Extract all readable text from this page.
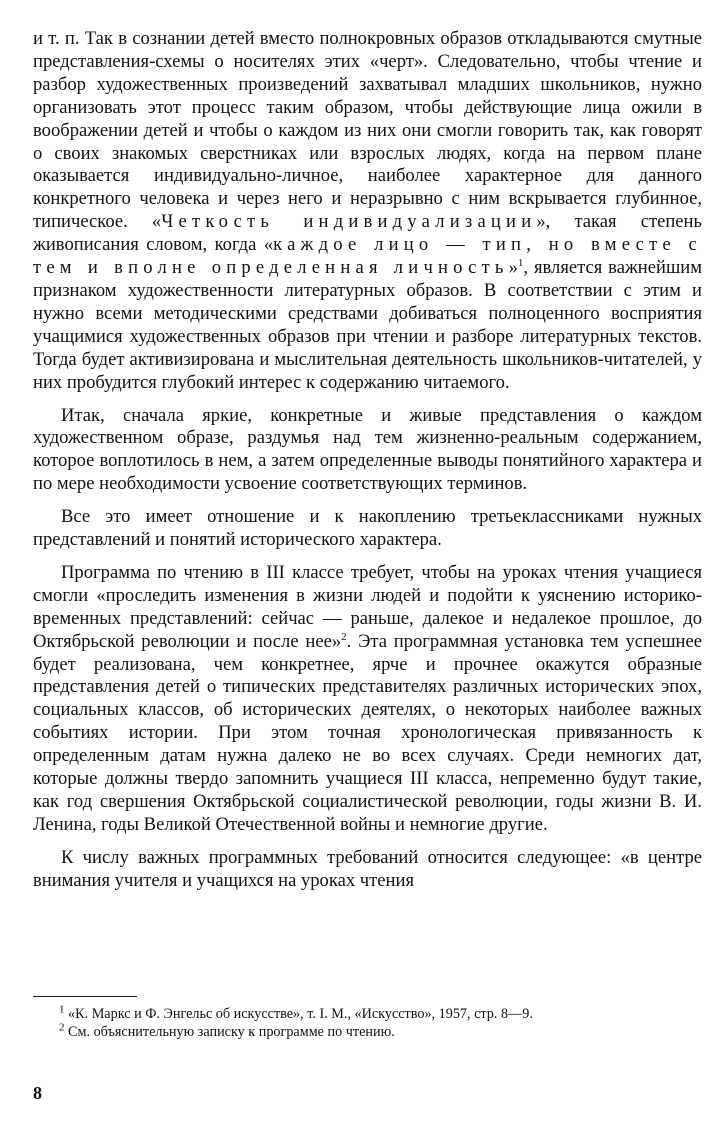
и т. п. Так в сознании детей вместо полнокровных образов откладываются смутные представления-схемы о носителях этих «черт». Следовательно, чтобы чтение и разбор художественных произведений захватывал младших школьников, нужно организовать этот процесс таким образом, чтобы действующие лица ожили в воображении детей и чтобы о каждом из них они смогли говорить так, как говорят о своих знакомых сверстниках или взрослых людях, когда на первом плане оказывается индивидуально-личное, наиболее характерное для данного конкретного человека и через него и неразрывно с ним вскрывается глубинное, типическое. «Четкость индивидуализации», такая степень живописания словом, когда «каждое лицо — тип, но вместе с тем и вполне определенная личность»$^1$, является важнейшим признаком художественности литературных образов. В соответствии с этим и нужно всеми методическими средствами добиваться полноценного восприятия учащимися художественных образов при чтении и разборе литературных текстов. Тогда будет активизирована и мыслительная деятельность школьников-читателей, у них пробудится глубокий интерес к содержанию читаемого.

Итак, сначала яркие, конкретные и живые представления о каждом художественном образе, раздумья над тем жизненно-реальным содержанием, которое воплотилось в нем, а затем определенные выводы понятийного характера и по мере необходимости усвоение соответствующих терминов.

Все это имеет отношение и к накоплению третьеклассниками нужных представлений и понятий исторического характера.

Программа по чтению в III классе требует, чтобы на уроках чтения учащиеся смогли «проследить изменения в жизни людей и подойти к уяснению историко-временных представлений: сейчас — раньше, далекое и недалекое прошлое, до Октябрьской революции и после нее»$^2$. Эта программная установка тем успешнее будет реализована, чем конкретнее, ярче и прочнее окажутся образные представления детей о типических представителях различных исторических эпох, социальных классов, об исторических деятелях, о некоторых наиболее важных событиях истории. При этом точная хронологическая привязанность к определенным датам нужна далеко не во всех случаях. Среди немногих дат, которые должны твердо запомнить учащиеся III класса, непременно будут такие, как год свершения Октябрьской социалистической революции, годы жизни В. И. Ленина, годы Великой Отечественной войны и немногие другие.

К числу важных программных требований относится следующее: «в центре внимания учителя и учащихся на уроках чтения

$^1$ «К. Маркс и Ф. Энгельс об искусстве», т. I. М., «Искусство», 1957, стр. 8—9.

$^2$ См. объяснительную записку к программе по чтению.

8
